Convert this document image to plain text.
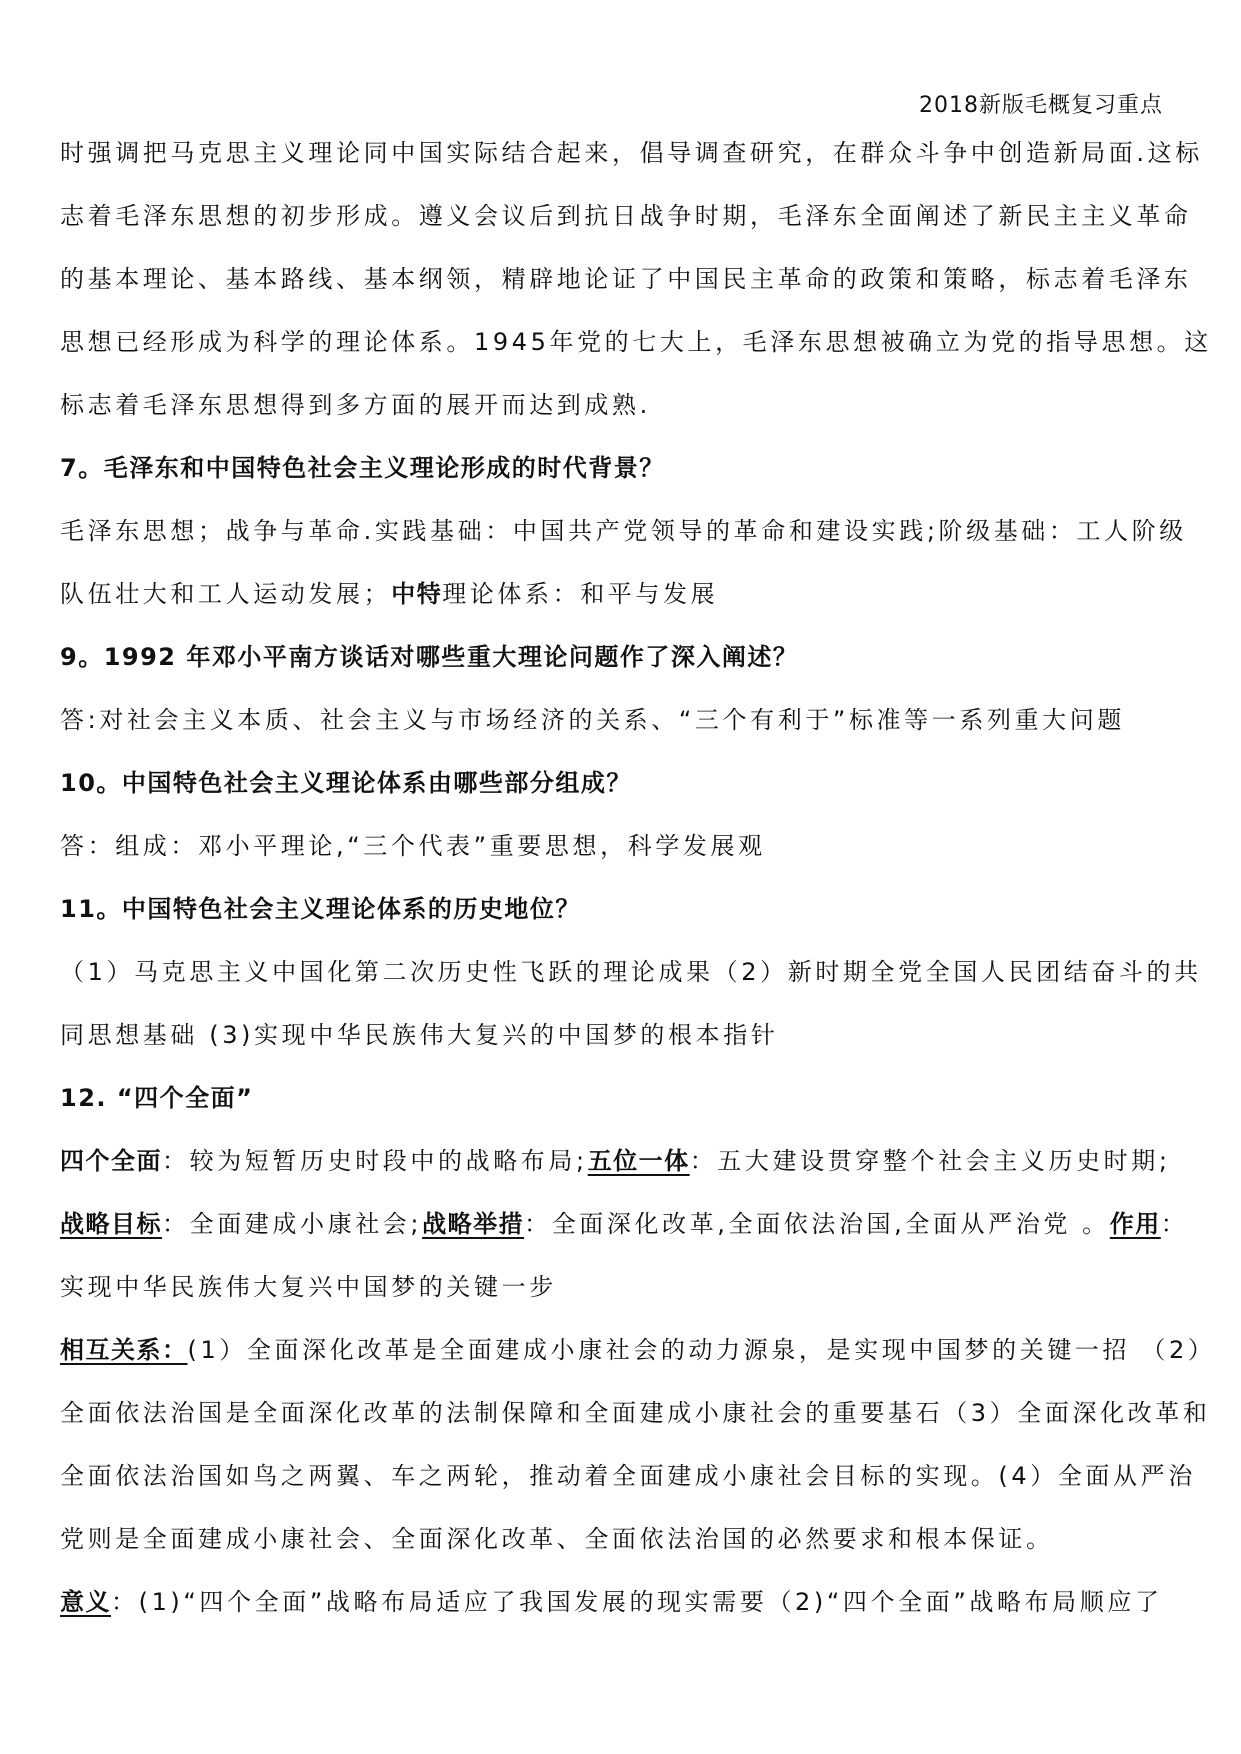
2018新版毛概复习重点
时强调把马克思主义理论同中国实际结合起来，倡导调查研究，在群众斗争中创造新局面.这标
志着毛泽东思想的初步形成。遵义会议后到抗日战争时期，毛泽东全面阐述了新民主主义革命
的基本理论、基本路线、基本纲领，精辟地论证了中国民主革命的政策和策略，标志着毛泽东
思想已经形成为科学的理论体系。1945年党的七大上，毛泽东思想被确立为党的指导思想。这
标志着毛泽东思想得到多方面的展开而达到成熟.
7。毛泽东和中国特色社会主义理论形成的时代背景？
毛泽东思想；战争与革命.实践基础：中国共产党领导的革命和建设实践;阶级基础：工人阶级
队伍壮大和工人运动发展；中特理论体系：和平与发展
9。1992 年邓小平南方谈话对哪些重大理论问题作了深入阐述？
答:对社会主义本质、社会主义与市场经济的关系、“三个有利于”标准等一系列重大问题
10。中国特色社会主义理论体系由哪些部分组成？
答：组成：邓小平理论,“三个代表”重要思想，科学发展观
11。中国特色社会主义理论体系的历史地位？
（1）马克思主义中国化第二次历史性飞跃的理论成果（2）新时期全党全国人民团结奋斗的共
同思想基础 (3)实现中华民族伟大复兴的中国梦的根本指针
12. “四个全面”
四个全面：较为短暂历史时段中的战略布局;五位一体：五大建设贯穿整个社会主义历史时期;
战略目标：全面建成小康社会;战略举措：全面深化改革,全面依法治国,全面从严治党 。作用：
实现中华民族伟大复兴中国梦的关键一步
相互关系：(1）全面深化改革是全面建成小康社会的动力源泉，是实现中国梦的关键一招 （2）
全面依法治国是全面深化改革的法制保障和全面建成小康社会的重要基石（3）全面深化改革和
全面依法治国如鸟之两翼、车之两轮，推动着全面建成小康社会目标的实现。(4）全面从严治
党则是全面建成小康社会、全面深化改革、全面依法治国的必然要求和根本保证。
意义：(1)“四个全面”战略布局适应了我国发展的现实需要（2)“四个全面”战略布局顺应了
